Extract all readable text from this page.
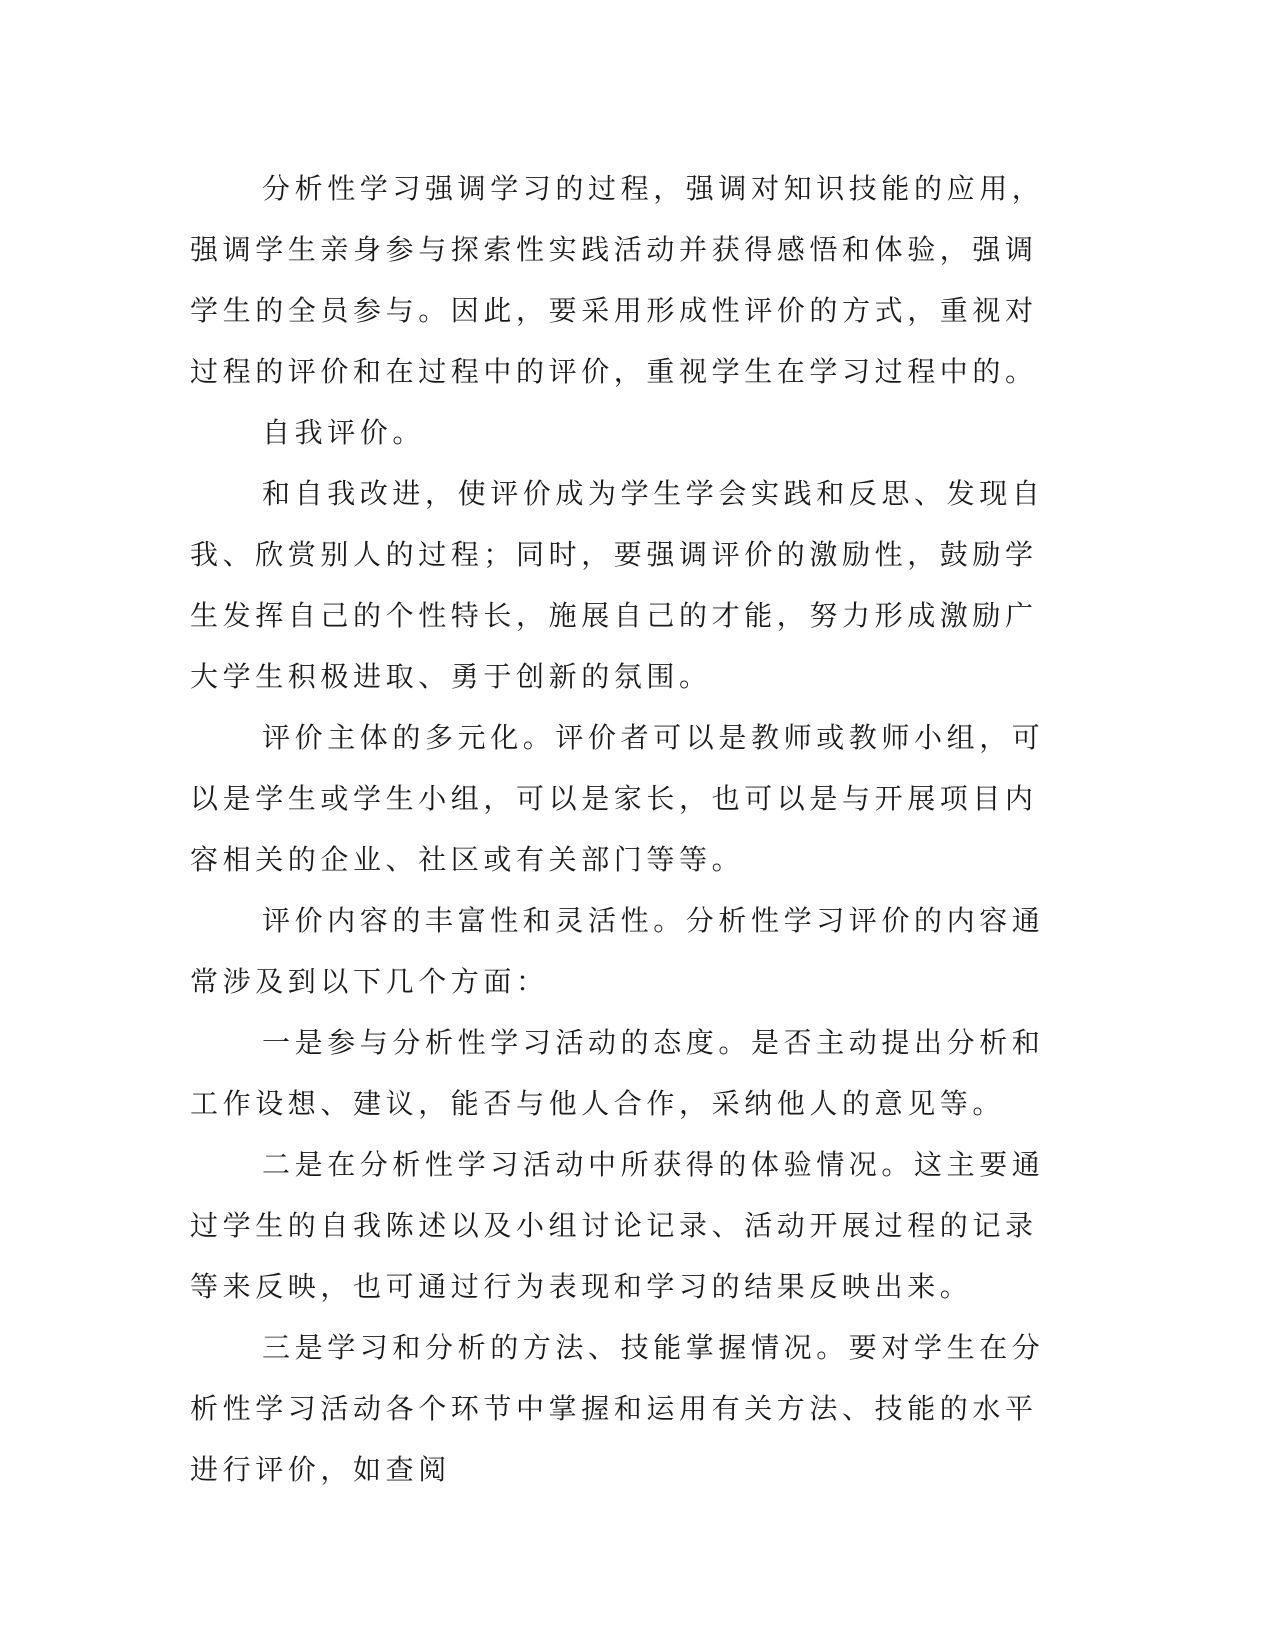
分析性学习强调学习的过程，强调对知识技能的应用，强调学生亲身参与探索性实践活动并获得感悟和体验，强调学生的全员参与。因此，要采用形成性评价的方式，重视对过程的评价和在过程中的评价，重视学生在学习过程中的。

自我评价。

和自我改进，使评价成为学生学会实践和反思、发现自我、欣赏别人的过程；同时，要强调评价的激励性，鼓励学生发挥自己的个性特长，施展自己的才能，努力形成激励广大学生积极进取、勇于创新的氛围。

评价主体的多元化。评价者可以是教师或教师小组，可以是学生或学生小组，可以是家长，也可以是与开展项目内容相关的企业、社区或有关部门等等。

评价内容的丰富性和灵活性。分析性学习评价的内容通常涉及到以下几个方面：

一是参与分析性学习活动的态度。是否主动提出分析和工作设想、建议，能否与他人合作，采纳他人的意见等。

二是在分析性学习活动中所获得的体验情况。这主要通过学生的自我陈述以及小组讨论记录、活动开展过程的记录等来反映，也可通过行为表现和学习的结果反映出来。

三是学习和分析的方法、技能掌握情况。要对学生在分析性学习活动各个环节中掌握和运用有关方法、技能的水平进行评价，如查阅
